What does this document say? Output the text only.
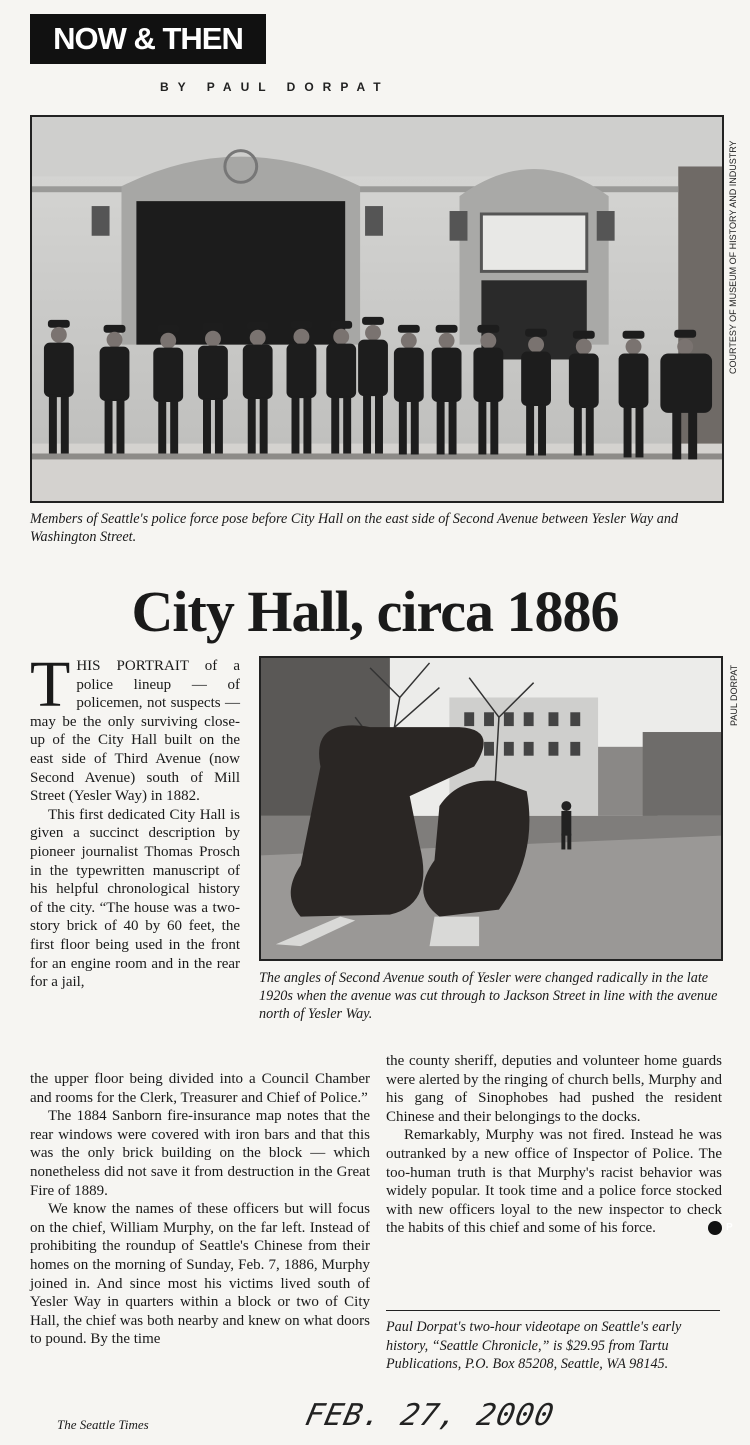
NOW & THEN
BY PAUL DORPAT
COURTESY OF MUSEUM OF HISTORY AND INDUSTRY
Members of Seattle's police force pose before City Hall on the east side of Second Avenue between Yesler Way and Washington Street.
City Hall, circa 1886
PAUL DORPAT
The angles of Second Avenue south of Yesler were changed radically in the late 1920s when the avenue was cut through to Jackson Street in line with the avenue north of Yesler Way.

THIS PORTRAIT of a police lineup — of policemen, not suspects — may be the only surviving close-up of the City Hall built on the east side of Third Avenue (now Second Avenue) south of Mill Street (Yesler Way) in 1882.

This first dedicated City Hall is given a succinct description by pioneer journalist Thomas Prosch in the typewritten manuscript of his helpful chronological history of the city. “The house was a two-story brick of 40 by 60 feet, the first floor being used in the front for an engine room and in the rear for a jail,

the upper floor being divided into a Council Chamber and rooms for the Clerk, Treasurer and Chief of Police.”

The 1884 Sanborn fire-insurance map notes that the rear windows were covered with iron bars and that this was the only brick building on the block — which nonetheless did not save it from destruction in the Great Fire of 1889.

We know the names of these officers but will focus on the chief, William Murphy, on the far left. Instead of prohibiting the roundup of Seattle's Chinese from their homes on the morning of Sunday, Feb. 7, 1886, Murphy joined in. And since most his victims lived south of Yesler Way in quarters within a block or two of City Hall, the chief was both nearby and knew on what doors to pound. By the time

the county sheriff, deputies and volunteer home guards were alerted by the ringing of church bells, Murphy and his gang of Sinophobes had pushed the resident Chinese and their belongings to the docks.

Remarkably, Murphy was not fired. Instead he was outranked by a new office of Inspector of Police. The too-human truth is that Murphy's racist behavior was widely popular. It took time and a police force stocked with new officers loyal to the new inspector to check the habits of this chief and some of his force.	P

Paul Dorpat's two-hour videotape on Seattle's early history, “Seattle Chronicle,” is $29.95 from Tartu Publications, P.O. Box 85208, Seattle, WA 98145.
The Seattle Times	FEB. 27, 2000
